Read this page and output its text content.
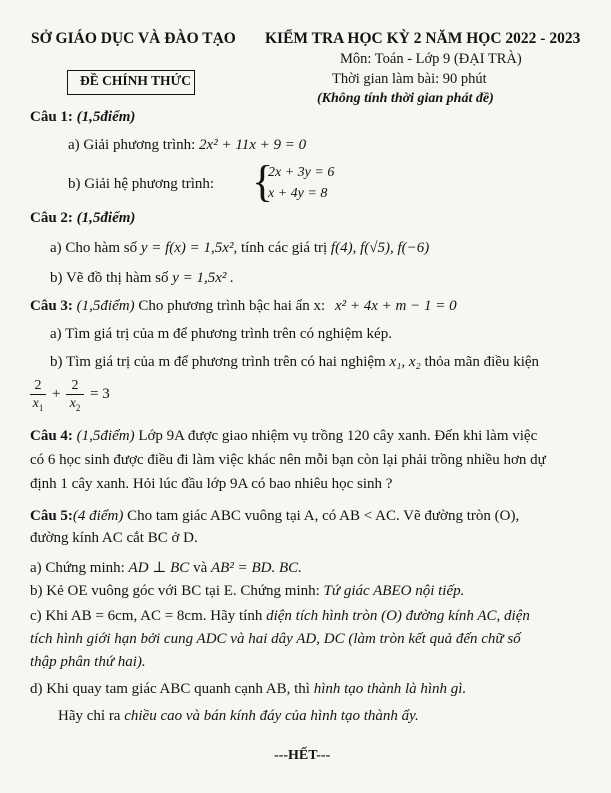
SỞ GIÁO DỤC VÀ ĐÀO TẠO KIỂM TRA HỌC KỲ 2 NĂM HỌC 2022 - 2023
ĐỀ CHÍNH THỨC
Môn: Toán - Lớp 9 (ĐẠI TRÀ)
Thời gian làm bài: 90 phút
(Không tính thời gian phát đề)
Câu 1: (1,5điểm)
a) Giải phương trình: 2x² + 11x + 9 = 0
b) Giải hệ phương trình: {
2x + 3y = 6
x + 4y = 8
Câu 2: (1,5điểm)
a) Cho hàm số y = f(x) = 1,5x², tính các giá trị f(4), f(√5), f(−6)
b) Vẽ đồ thị hàm số y = 1,5x² .
Câu 3: (1,5điểm) Cho phương trình bậc hai ẩn x: x² + 4x + m − 1 = 0
a) Tìm giá trị của m để phương trình trên có nghiệm kép.
b) Tìm giá trị của m để phương trình trên có hai nghiệm x₁, x₂ thỏa mãn điều kiện
2
$x_1$
+
2
$x_2$
= 3
Câu 4: (1,5điểm) Lớp 9A được giao nhiệm vụ trồng 120 cây xanh. Đến khi làm việc
có 6 học sinh được điều đi làm việc khác nên mỗi bạn còn lại phải trồng nhiều hơn dự
định 1 cây xanh. Hỏi lúc đầu lớp 9A có bao nhiêu học sinh ?
Câu 5:(4 điểm) Cho tam giác ABC vuông tại A, có AB < AC. Vẽ đường tròn (O),
đường kính AC cắt BC ở D.
a) Chứng minh: AD ⊥ BC và AB² = BD. BC.
b) Kẻ OE vuông góc với BC tại E. Chứng minh: Tứ giác ABEO nội tiếp.
c) Khi AB = 6cm, AC = 8cm. Hãy tính diện tích hình tròn (O) đường kính AC, diện
tích hình giới hạn bởi cung ADC và hai dây AD, DC (làm tròn kết quả đến chữ số
thập phân thứ hai).
d) Khi quay tam giác ABC quanh cạnh AB, thì hình tạo thành là hình gì.
Hãy chỉ ra chiều cao và bán kính đáy của hình tạo thành ấy.
---HẾT---
